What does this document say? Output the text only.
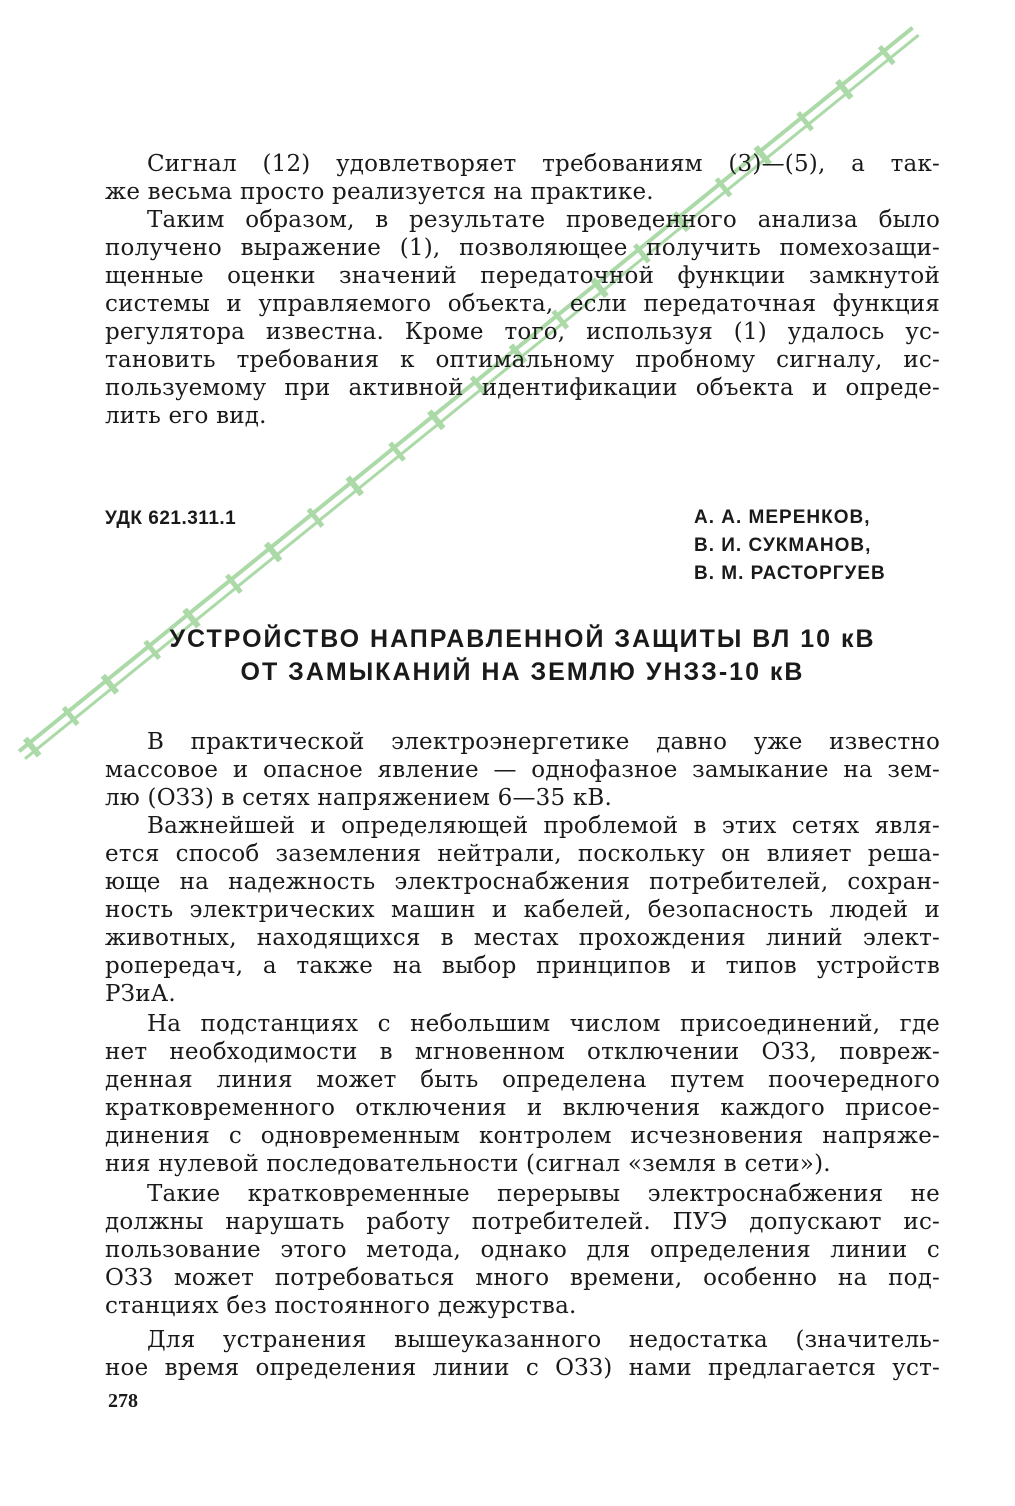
Сигнал (12) удовлетворяет требованиям (3)—(5), а так-
же весьма просто реализуется на практике.
Таким образом, в результате проведенного анализа было
получено выражение (1), позволяющее получить помехозащи-
щенные оценки значений передаточной функции замкнутой
системы и управляемого объекта, если передаточная функция
регулятора известна. Кроме того, используя (1) удалось ус-
тановить требования к оптимальному пробному сигналу, ис-
пользуемому при активной идентификации объекта и опреде-
лить его вид.
УДК 621.311.1	А. А. МЕРЕНКОВ,
В. И. СУКМАНОВ,
В. М. РАСТОРГУЕВ
УСТРОЙСТВО НАПРАВЛЕННОЙ ЗАЩИТЫ ВЛ 10 кВ
ОТ ЗАМЫКАНИЙ НА ЗЕМЛЮ УНЗЗ-10 кВ
В практической электроэнергетике давно уже известно
массовое и опасное явление — однофазное замыкание на зем-
лю (ОЗЗ) в сетях напряжением 6—35 кВ.
Важнейшей и определяющей проблемой в этих сетях явля-
ется способ заземления нейтрали, поскольку он влияет реша-
юще на надежность электроснабжения потребителей, сохран-
ность электрических машин и кабелей, безопасность людей и
животных, находящихся в местах прохождения линий элект-
ропередач, а также на выбор принципов и типов устройств
РЗиА.
На подстанциях с небольшим числом присоединений, где
нет необходимости в мгновенном отключении ОЗЗ, повреж-
денная линия может быть определена путем поочередного
кратковременного отключения и включения каждого присое-
динения с одновременным контролем исчезновения напряже-
ния нулевой последовательности (сигнал «земля в сети»).
Такие кратковременные перерывы электроснабжения не
должны нарушать работу потребителей. ПУЭ допускают ис-
пользование этого метода, однако для определения линии с
ОЗЗ может потребоваться много времени, особенно на под-
станциях без постоянного дежурства.
Для устранения вышеуказанного недостатка (значитель-
ное время определения линии с ОЗЗ) нами предлагается уст-
278
